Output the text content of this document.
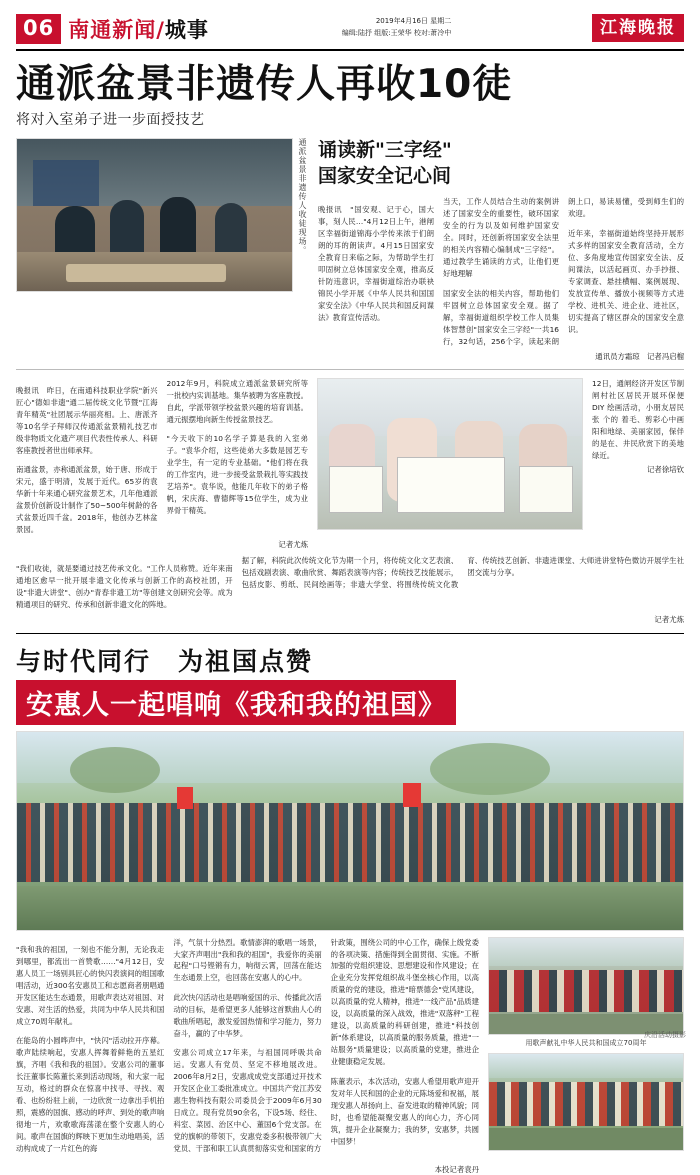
06 南通新闻 / 城事	2019年4月16日 星期二
编缉:陆抒 组版:王荣华 校对:萧冷中	江海晚报
通派盆景非遗传人再收10徒
将对入室弟子进一步面授技艺
通派盆景非遗传人收徒现场。 诵读新"三字经"
国家安全记心间

晚报讯　"国安观、记于心，国大事，刻人民…"4月12日上午，港闸区幸福街道锦海小学传来浓于们朗朗的耳的朗读声。4月15日国家安全教育日来临之际，为帮助学生打叩固树立总体国家安全观，推高反针防违意识，幸福街道综治办联袂锦民小学开展《中华人民共和国国家安全法》《中华人民共和国反间谍法》教育宣传活动。

当天，工作人员结合生动的案例讲述了国家安全的重要性，破环国家安全的行为以及如何维护国家安全。同时，还创新将国家安全法里的相关内容精心编制成"三字经"。通过教学生诵读的方式，让他们更好地理解

国家安全法的相关内容，帮助他们牢固树立总体国家安全观。据了解，幸福街道组织学校工作人员集体智慧创"国家安全三字经"一共16行，32句话，256个字，读起来朗朗上口，易读易懂，受到师生们的欢迎。

近年来，幸福街道始终坚持开展形式多样的国家安全教育活动，全方位、多角度地宣传国家安全法、反间谍法，以活起画页、办手抄报、专家调查、悬挂横幅、案例展现、发放宣传单、播放小视频等方式进学校、进机关、进企业、进社区，切实提高了辖区群众的国家安全意识。

通讯员方霜琼　记者冯启榴

晚报讯　昨日，在南通科技职业学院"新兴匠心"德如非遗"通二届传统文化节暨"江海青年精英"社团展示华丽亮相。上、唐派齐等10名学子拜师汉传通派盆景精礼技艺市级非物质文化遗产项目代表性传承人、科研客座教授者世出师承拜。

南通盆景，亦称通派盆景，始于唐、形成于宋元，盛于明清，发展于近代。65岁的袁华新十年来通心研究盆景艺术，几年他通派盆景价创新设计制作了50~500年树龄的各式盆景近四千盆。2018年，他创办艺林盆景园。

2012年9月，科院成立通派盆景研究所等一批校内实训基地。集华被聘为客座教授。自此，学派带领学校盆景兴趣的培育训基。通元振摆地向新生传授盆景技艺。

"今天收下的10名学子算是我的入室弟子。"袁华介绍，这些徒弟大多数是园艺专业学生，有一定的专业基础。"他们将在我的工作室内，进一步接受盆景栽扎等实践技艺培养"。袁华说，他能几年收下的弟子格帆，宋庆海、曹德辉等15位学生，成为业界骨干精英。

记者尤炼
12日，通闸经济开发区节制闸村社区居民开展环保便 DIY 绘画活动，小朋友居民张 个的 着毛、剪彩心中画 阳和地绿、美丽家园，保伴的是在、井民欣赏下的美地绿近。
记者徐培钦

"我们收徒，就是要通过技艺传承文化。"工作人员称赞。近年来南通地区愈早一批开展非遗文化传承与创新工作的高校社团，开设"非遗大讲堂"、创办"青春非遗工坊"等创建文创研究会等。成为精通项目的研究、传承和创新非遗文化的阵地。

据了解，科院此次传统文化节为期一个月，将传统文化文艺表演、包括戏剧表演、歌曲欣赏、舞蹈表演等内容；传统技艺技能展示，包括皮影、剪纸、民间绘画等；非遗大学堂、将围绕传统文化教育、传统技艺创新、非遗进课堂、大师进讲堂特色微访开展学生社团交流与分享。

记者尤炼
与时代同行　为祖国点赞
安惠人一起唱响《我和我的祖国》

"我和我的祖国，一刻也不能分割，无论我走到哪里，都流出一首赞歌……"4月12日，安惠人员工一场别具匠心的快闪表演间的组国歌唱活动，近300名安惠员工和志愿商者朋唱通开发区能达生态通景，用歌声表达对祖国、对安惠、对生活的热爱，共同为中华人民共和国成立70周年献礼。

在能岛的小圆哗声中，"快闪"活动拉开序幕。歌声陆续响起，安惠人挥舞着鲜艳的五星红旗，齐唱《我和我的祖国》。安惠公司的董事长汪董事长陈董长来到活动现场，和大家一起互动，格过的群众在惊喜中找寻、寻找、观看、也纷纷驻上前，一边欣赏一边拿出手机拍照，震感的国旗、感动的呼声、到处的歌声响彻地一片，欢歌歌海荡漾在整个安惠人的心间。歌声在国旗的辉映下更加生动地唱美，活动构成成了一片红色的海

洋，气氛十分热烈。歌情澎湃的歌唱一场景，大家齐声唱出"我和我的祖国"，我爱你的美丽起程"口号铿锵有力，响彻云霄，回荡在能达生态通景上空，也回荡在安惠人的心中。

此次快闪活动也是唱响爱国的示、传播此次活动的目标，是希望更多人能够这首默曲人心的歌曲所唱起，激发爱国热情和学习能力，努力奋斗，赢的了中华梦。

安惠公司成立17年来，与祖国同呼吸共命运。安惠人有党员、坚定不移地展改进。2006年8月2日，安惠成成党支部通过开技术开发区企业工委批准成立。中国共产党江苏安惠生物科技有限公司委员会于2009年6月30日成立。现有党员90余名，下设5场、经住、科室、菜园、治区中心、董国6个党支部。在党的旗帜的带领下，安惠党委多积极带领广大党员、干部和职工认真贯彻落实党和国家的方

针政策，围绕公司的中心工作，确保上级党委的各项决策、措施得到全面贯彻、实施。不断加强的党组织建设、思想建设和作风建设；在企业充分发挥党组织战斗堡垒核心作用，以高质量的党的建设，推进"暗票德会"党风建设，以高质量的党人精神，推进"一线产品"品质建设，以高质量的深入战效，推进"双落秤"工程建设，以高质量的科研创建，推进"科技创新"体系建设，以高质量的服务质量，推进"一站服务"质量建设；以高质量的党建，推进企业健康稳定发展。

陈董表示，本次活动，安惠人希望用歌声迎开发对年人民和国的企业的元陈场爱和祝福，展现安惠人昂扬向上、奋发进取的精神风貌；同时，也希望能凝聚安惠人的向心力，齐心同筑，提升企业凝聚力；我的梦，安惠梦，共圆中国梦！

本投记者袁丹
用歌声献礼中华人民共和国成立70周年
庆沿活动摄影
